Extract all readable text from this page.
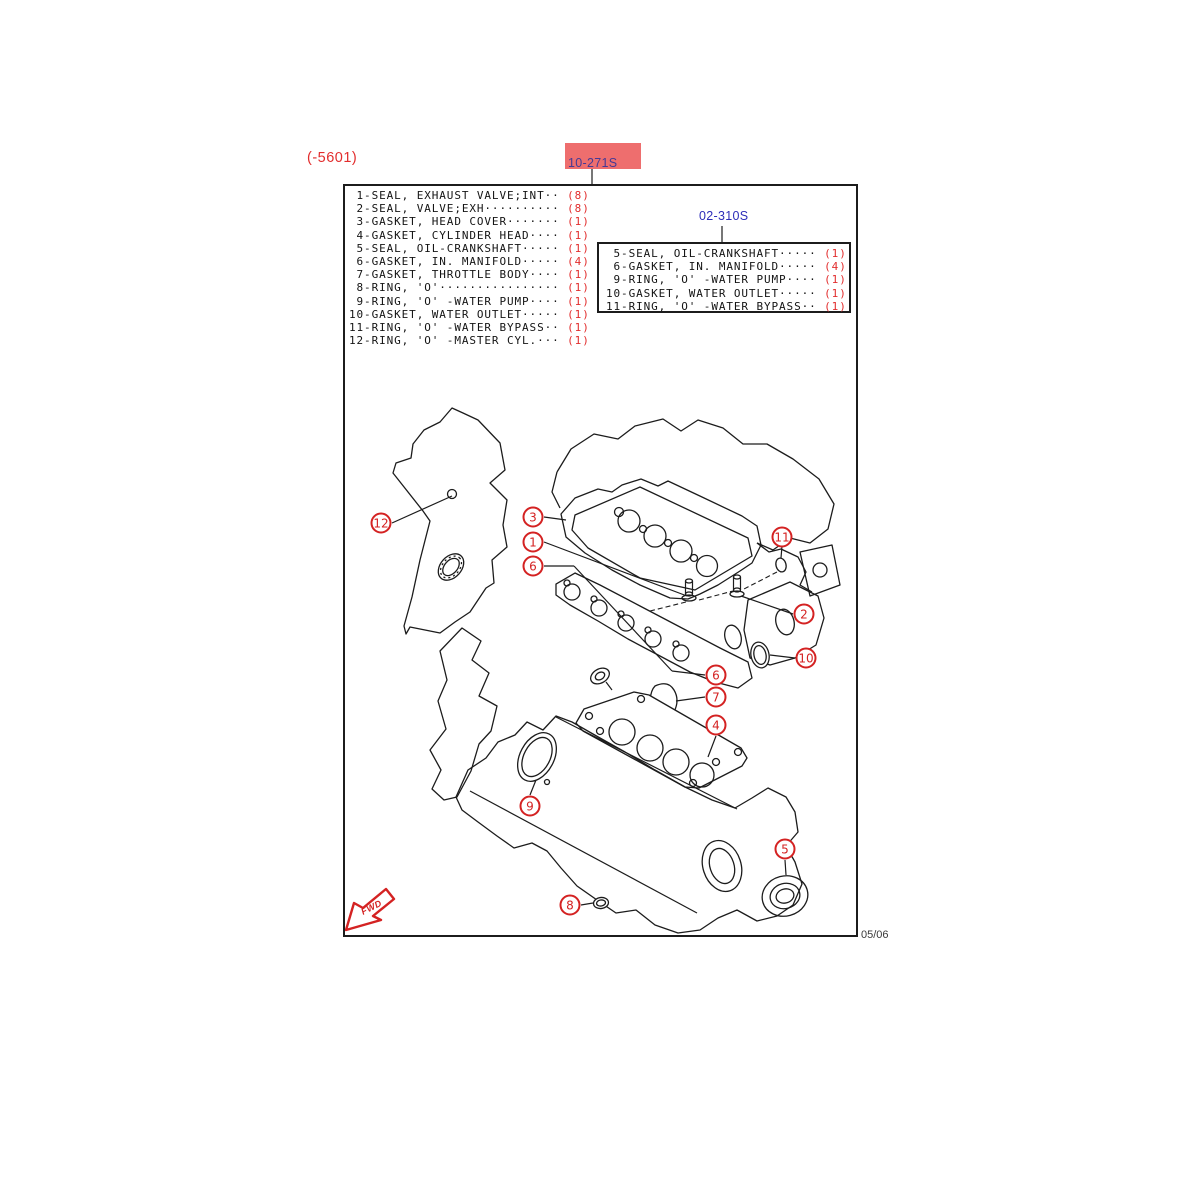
FWD
(-5601)	10-271S
1-SEAL, EXHAUST VALVE;INT·· (8)
2-SEAL, VALVE;EXH·········· (8)
3-GASKET, HEAD COVER······· (1)
4-GASKET, CYLINDER HEAD···· (1)
5-SEAL, OIL-CRANKSHAFT····· (1)
6-GASKET, IN. MANIFOLD····· (4)
7-GASKET, THROTTLE BODY···· (1)
8-RING, 'O'················ (1)
9-RING, 'O' -WATER PUMP···· (1)
10-GASKET, WATER OUTLET····· (1)
11-RING, 'O' -WATER BYPASS·· (1)
12-RING, 'O' -MASTER CYL.··· (1)
02-310S
5-SEAL, OIL-CRANKSHAFT····· (1)
6-GASKET, IN. MANIFOLD····· (4)
9-RING, 'O' -WATER PUMP···· (1)
10-GASKET, WATER OUTLET····· (1)
11-RING, 'O' -WATER BYPASS·· (1)
05/06
12	3
1
6
11
2
10
6
7
4
9
5
8
